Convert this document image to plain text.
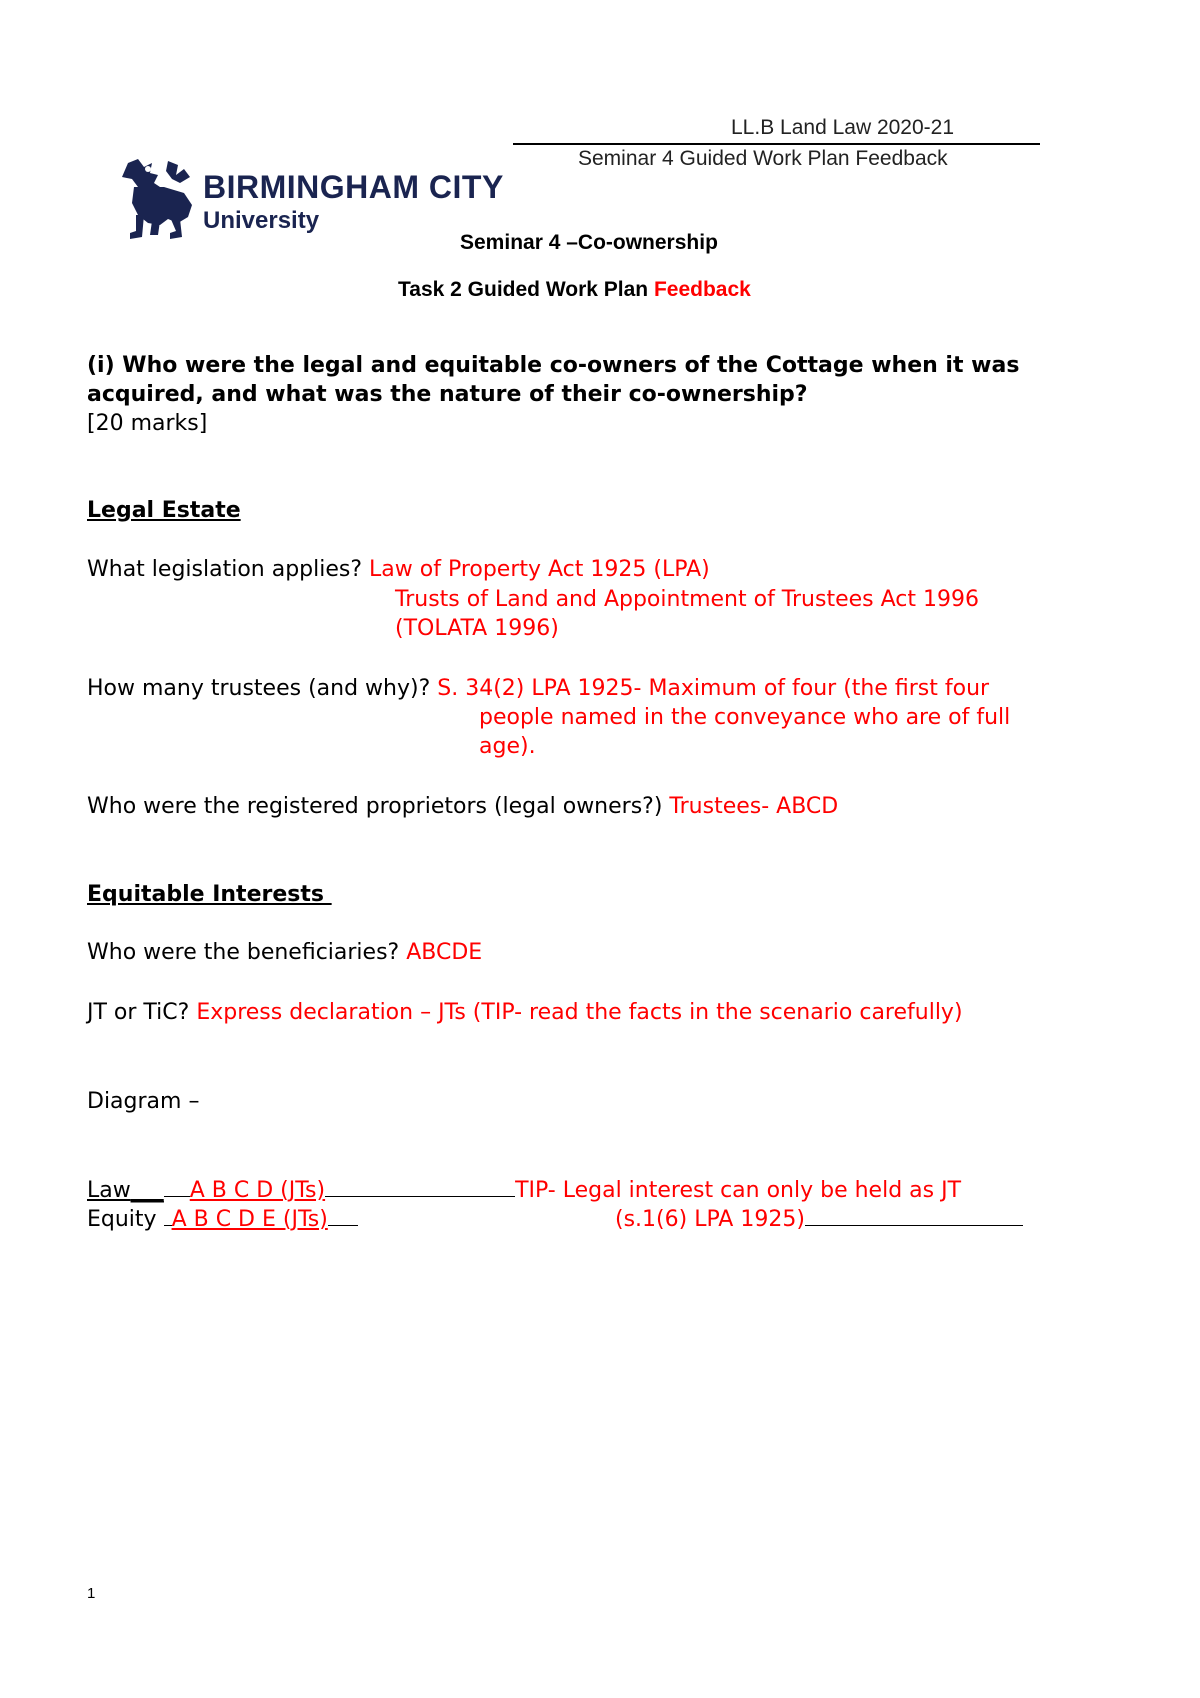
LL.B Land Law 2020-21
Seminar 4 Guided Work Plan Feedback
BIRMINGHAM CITY
University
Seminar 4 –Co-ownership
Task 2 Guided Work Plan Feedback
(i) Who were the legal and equitable co-owners of the Cottage when it was
acquired, and what was the nature of their co-ownership?
[20 marks]
Legal Estate
What legislation applies? Law of Property Act 1925 (LPA)
Trusts of Land and Appointment of Trustees Act 1996
(TOLATA 1996)
How many trustees (and why)? S. 34(2) LPA 1925- Maximum of four (the first four
people named in the conveyance who are of full
age).
Who were the registered proprietors (legal owners?) Trustees- ABCD
Equitable Interests
Who were the beneficiaries? ABCDE
JT or TiC? Express declaration – JTs (TIP- read the facts in the scenario carefully)
Diagram –
Law___ A B C D (JTs)	TIP- Legal interest can only be held as JT
Equity A B C D E (JTs)	(s.1(6) LPA 1925)
1
